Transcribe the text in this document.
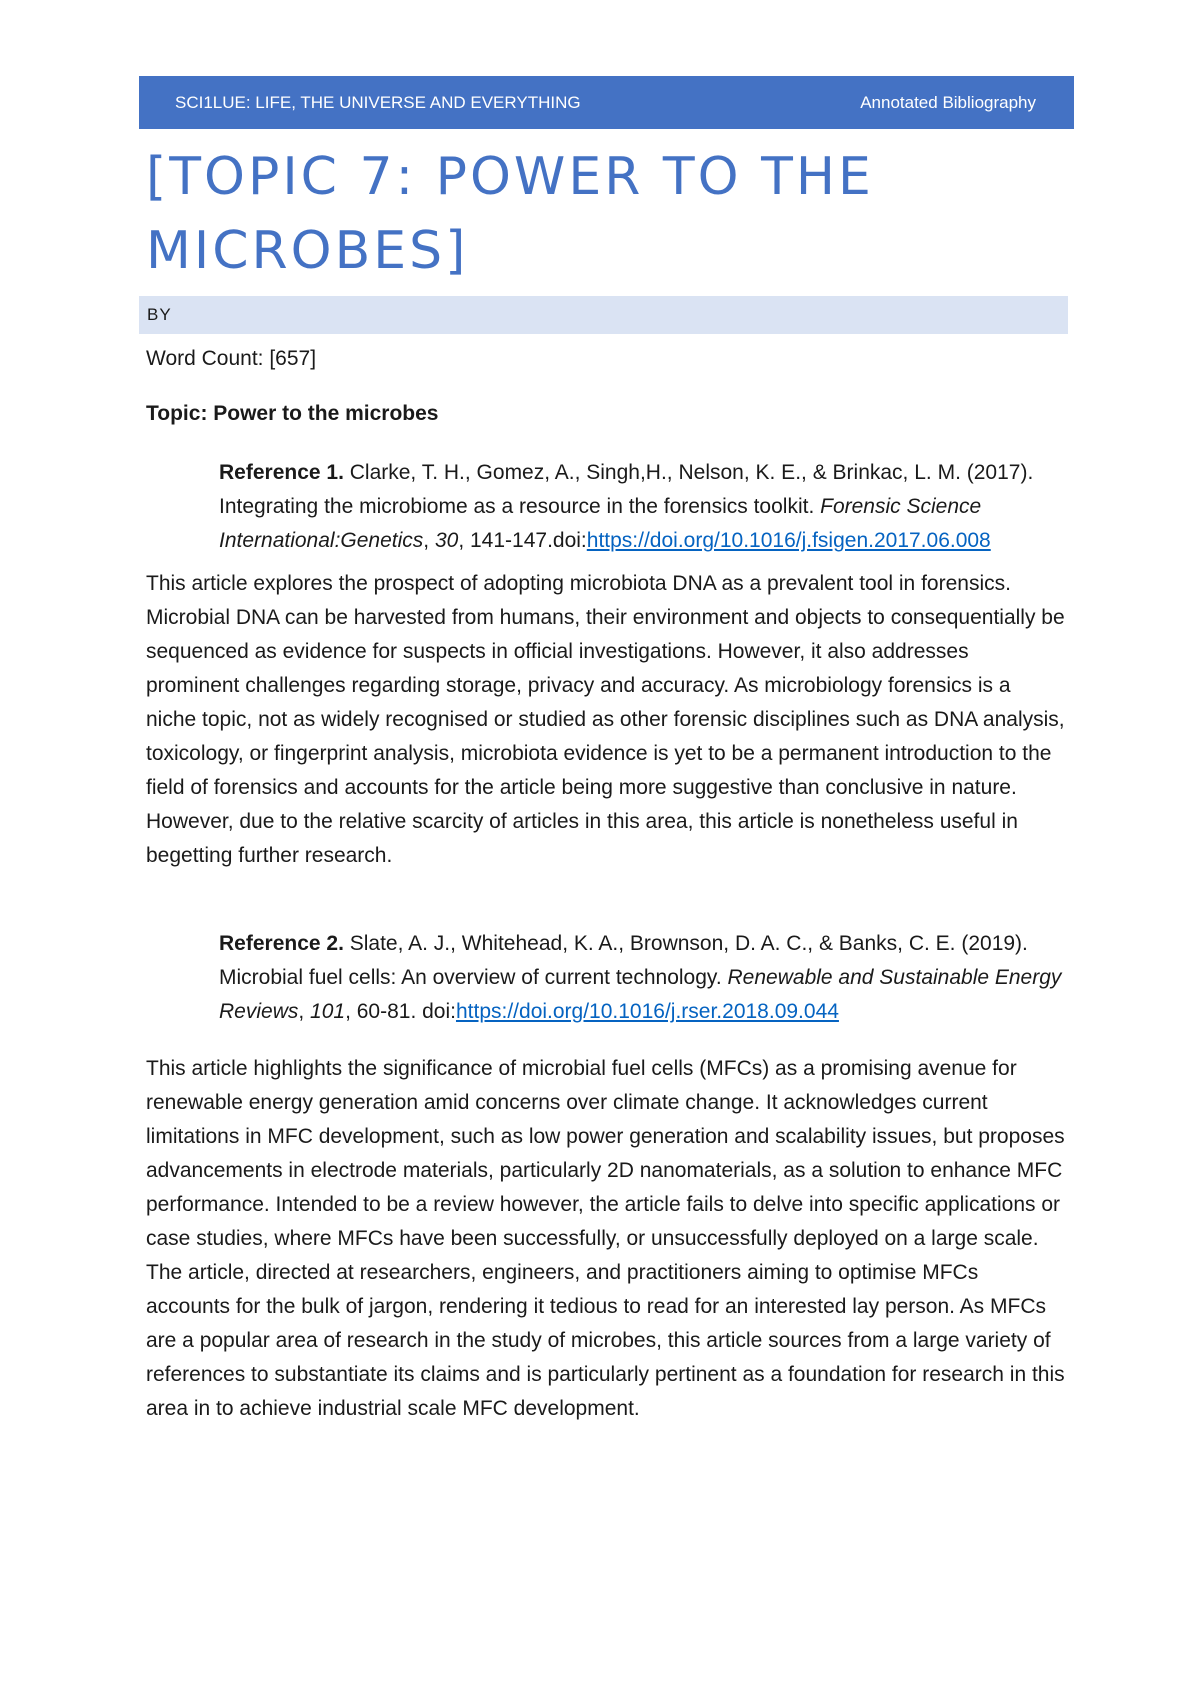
SCI1LUE: LIFE, THE UNIVERSE AND EVERYTHING	Annotated Bibliography
[TOPIC 7: POWER TO THE MICROBES]
BY

Word Count: [657]

Topic: Power to the microbes

Reference 1. Clarke, T. H., Gomez, A., Singh,H., Nelson, K. E., & Brinkac, L. M. (2017). Integrating the microbiome as a resource in the forensics toolkit. Forensic Science International:Genetics, 30, 141-147.doi:https://doi.org/10.1016/j.fsigen.2017.06.008

This article explores the prospect of adopting microbiota DNA as a prevalent tool in forensics. Microbial DNA can be harvested from humans, their environment and objects to consequentially be sequenced as evidence for suspects in official investigations. However, it also addresses prominent challenges regarding storage, privacy and accuracy. As microbiology forensics is a niche topic, not as widely recognised or studied as other forensic disciplines such as DNA analysis, toxicology, or fingerprint analysis, microbiota evidence is yet to be a permanent introduction to the field of forensics and accounts for the article being more suggestive than conclusive in nature. However, due to the relative scarcity of articles in this area, this article is nonetheless useful in begetting further research.

Reference 2. Slate, A. J., Whitehead, K. A., Brownson, D. A. C., & Banks, C. E. (2019). Microbial fuel cells: An overview of current technology. Renewable and Sustainable Energy Reviews, 101, 60-81. doi:https://doi.org/10.1016/j.rser.2018.09.044

This article highlights the significance of microbial fuel cells (MFCs) as a promising avenue for renewable energy generation amid concerns over climate change. It acknowledges current limitations in MFC development, such as low power generation and scalability issues, but proposes advancements in electrode materials, particularly 2D nanomaterials, as a solution to enhance MFC performance. Intended to be a review however, the article fails to delve into specific applications or case studies, where MFCs have been successfully, or unsuccessfully deployed on a large scale. The article, directed at researchers, engineers, and practitioners aiming to optimise MFCs accounts for the bulk of jargon, rendering it tedious to read for an interested lay person. As MFCs are a popular area of research in the study of microbes, this article sources from a large variety of references to substantiate its claims and is particularly pertinent as a foundation for research in this area in to achieve industrial scale MFC development.
